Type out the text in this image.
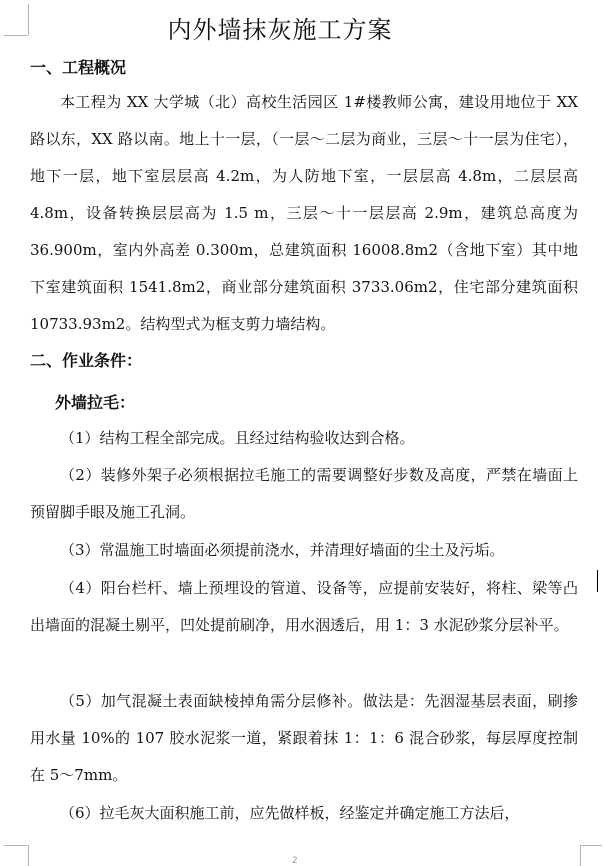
内外墙抹灰施工方案
一、工程概况
本工程为 XX 大学城（北）高校生活园区 1#楼教师公寓，建设用地位于 XX 路以东，XX 路以南。地上十一层，（一层～二层为商业，三层～十一层为住宅），地下一层，地下室层层高 4.2m，为人防地下室，一层层高 4.8m，二层层高 4.8m，设备转换层层高为 1.5 m，三层～十一层层高 2.9m，建筑总高度为 36.900m，室内外高差 0.300m，总建筑面积 16008.8m2（含地下室）其中地下室建筑面积 1541.8m2，商业部分建筑面积 3733.06m2，住宅部分建筑面积 10733.93m2。结构型式为框支剪力墙结构。
二、作业条件：
外墙拉毛：
（1）结构工程全部完成。且经过结构验收达到合格。
（2）装修外架子必须根据拉毛施工的需要调整好步数及高度，严禁在墙面上预留脚手眼及施工孔洞。
（3）常温施工时墙面必须提前浇水，并清理好墙面的尘土及污垢。
（4）阳台栏杆、墙上预埋设的管道、设备等，应提前安装好，将柱、梁等凸出墙面的混凝土剔平，凹处提前刷净，用水洇透后，用 1：3 水泥砂浆分层补平。
（5）加气混凝土表面缺棱掉角需分层修补。做法是：先洇湿基层表面，刷掺用水量 10%的 107 胶水泥浆一道，紧跟着抹 1：1：6 混合砂浆，每层厚度控制在 5～7mm。
（6）拉毛灰大面积施工前，应先做样板，经鉴定并确定施工方法后，
2
